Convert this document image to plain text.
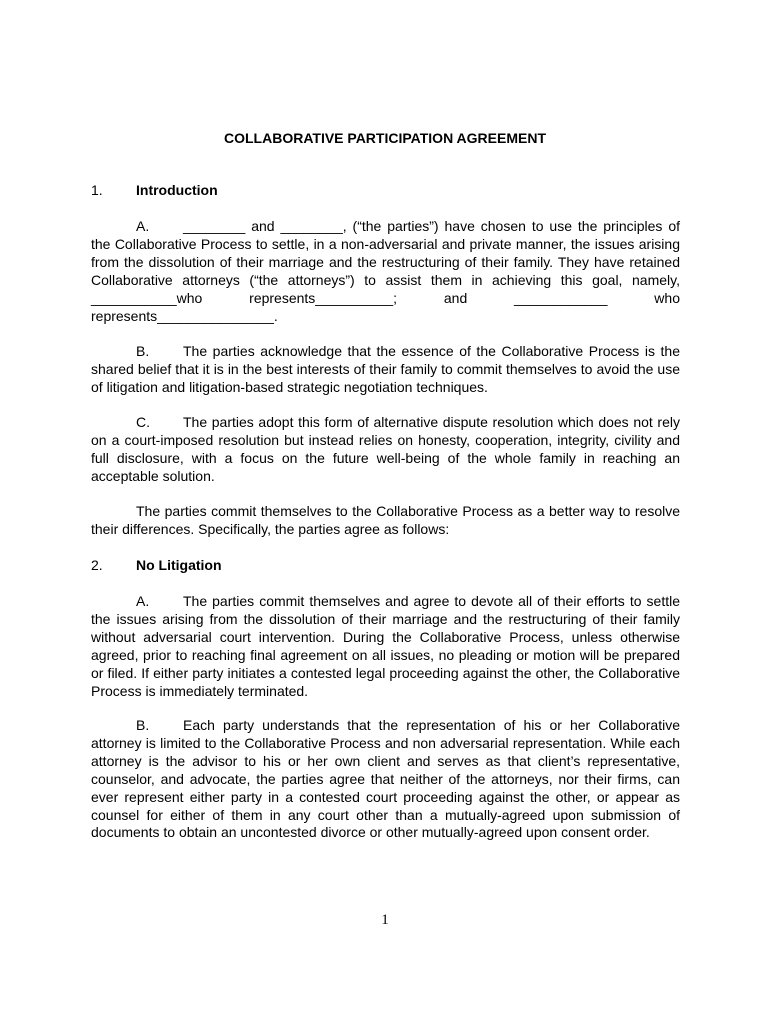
COLLABORATIVE PARTICIPATION AGREEMENT
1. Introduction
A. ________ and ________, (“the parties”) have chosen to use the principles of the Collaborative Process to settle, in a non-adversarial and private manner, the issues arising from the dissolution of their marriage and the restructuring of their family. They have retained Collaborative attorneys (“the attorneys”) to assist them in achieving this goal, namely, ___________who represents__________; and ____________ who represents_______________.
B. The parties acknowledge that the essence of the Collaborative Process is the shared belief that it is in the best interests of their family to commit themselves to avoid the use of litigation and litigation-based strategic negotiation techniques.
C. The parties adopt this form of alternative dispute resolution which does not rely on a court-imposed resolution but instead relies on honesty, cooperation, integrity, civility and full disclosure, with a focus on the future well-being of the whole family in reaching an acceptable solution.
The parties commit themselves to the Collaborative Process as a better way to resolve their differences. Specifically, the parties agree as follows:
2. No Litigation
A. The parties commit themselves and agree to devote all of their efforts to settle the issues arising from the dissolution of their marriage and the restructuring of their family without adversarial court intervention. During the Collaborative Process, unless otherwise agreed, prior to reaching final agreement on all issues, no pleading or motion will be prepared or filed. If either party initiates a contested legal proceeding against the other, the Collaborative Process is immediately terminated.
B. Each party understands that the representation of his or her Collaborative attorney is limited to the Collaborative Process and non adversarial representation. While each attorney is the advisor to his or her own client and serves as that client’s representative, counselor, and advocate, the parties agree that neither of the attorneys, nor their firms, can ever represent either party in a contested court proceeding against the other, or appear as counsel for either of them in any court other than a mutually-agreed upon submission of documents to obtain an uncontested divorce or other mutually-agreed upon consent order.
1
